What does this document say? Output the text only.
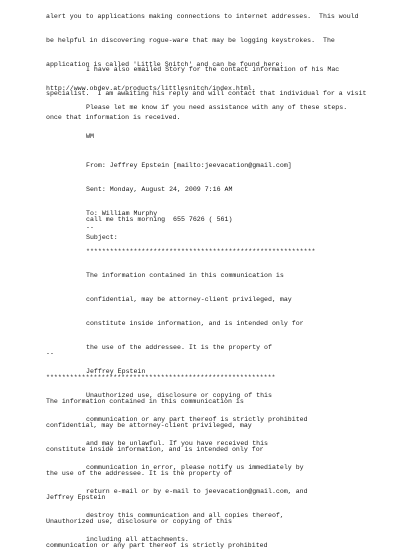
alert you to applications making connections to internet addresses.  This would

be helpful in discovering rogue-ware that may be logging keystrokes.  The

application is called 'Little Snitch' and can be found here:

http://www.obdev.at/products/littlesnitch/index.html.

I have also emailed Story for the contact information of his Mac

specialist.  I am awaiting his reply and will contact that individual for a visit

once that information is received.

Please let me know if you need assistance with any of these steps.

WM

From: Jeffrey Epstein [mailto:jeevacation@gmail.com]

Sent: Monday, August 24, 2009 7:16 AM

To: William Murphy

Subject:

call me this morning  655 7626 ( 561)

--

**********************************************************

The information contained in this communication is

confidential, may be attorney-client privileged, may

constitute inside information, and is intended only for

the use of the addressee. It is the property of

Jeffrey Epstein

Unauthorized use, disclosure or copying of this

communication or any part thereof is strictly prohibited

and may be unlawful. If you have received this

communication in error, please notify us immediately by

return e-mail or by e-mail to jeevacation@gmail.com, and

destroy this communication and all copies thereof,

including all attachments.

--

**********************************************************

The information contained in this communication is

confidential, may be attorney-client privileged, may

constitute inside information, and is intended only for

the use of the addressee. It is the property of

Jeffrey Epstein

Unauthorized use, disclosure or copying of this

communication or any part thereof is strictly prohibited
